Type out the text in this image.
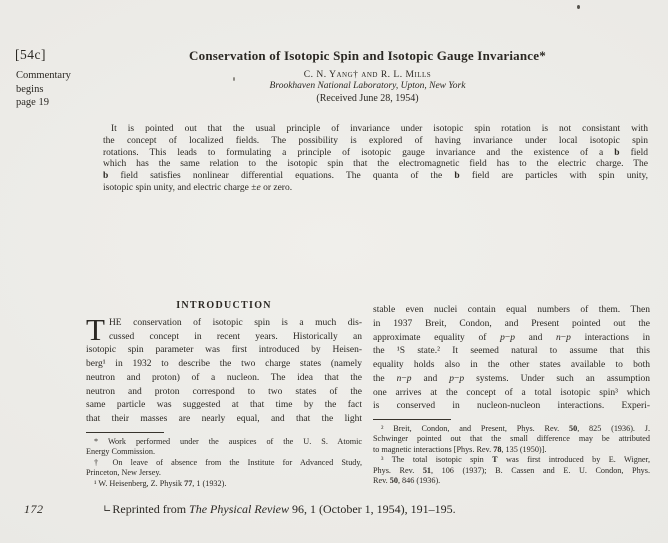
[54c]
Commentary
begins
page 19
Conservation of Isotopic Spin and Isotopic Gauge Invariance*
C. N. Yang† and R. L. Mills
Brookhaven National Laboratory, Upton, New York
(Received June 28, 1954)
It is pointed out that the usual principle of invariance under isotopic spin rotation is not consistant with
the concept of localized fields. The possibility is explored of having invariance under local isotopic spin
rotations. This leads to formulating a principle of isotopic gauge invariance and the existence of a b field
which has the same relation to the isotopic spin that the electromagnetic field has to the electric charge. The
b field satisfies nonlinear differential equations. The quanta of the b field are particles with spin unity,
isotopic spin unity, and electric charge ±e or zero.
INTRODUCTION
T HE conservation of isotopic spin is a much dis-
cussed concept in recent years. Historically an
isotopic spin parameter was first introduced by Heisen-
berg¹ in 1932 to describe the two charge states (namely
neutron and proton) of a nucleon. The idea that the
neutron and proton correspond to two states of the
same particle was suggested at that time by the fact
that their masses are nearly equal, and that the light
* Work performed under the auspices of the U. S. Atomic
Energy Commission.
† On leave of absence from the Institute for Advanced Study,
Princeton, New Jersey.
¹ W. Heisenberg, Z. Physik 77, 1 (1932).
stable even nuclei contain equal numbers of them. Then
in 1937 Breit, Condon, and Present pointed out the
approximate equality of p−p and n−p interactions in
the ¹S state.² It seemed natural to assume that this
equality holds also in the other states available to both
the n−p and p−p systems. Under such an assumption
one arrives at the concept of a total isotopic spin³ which
is conserved in nucleon-nucleon interactions. Experi-
² Breit, Condon, and Present, Phys. Rev. 50, 825 (1936). J.
Schwinger pointed out that the small difference may be attributed
to magnetic interactions [Phys. Rev. 78, 135 (1950)].
³ The total isotopic spin T was first introduced by E. Wigner,
Phys. Rev. 51, 106 (1937); B. Cassen and E. U. Condon, Phys.
Rev. 50, 846 (1936).
172	∟Reprinted from The Physical Review 96, 1 (October 1, 1954), 191–195.
